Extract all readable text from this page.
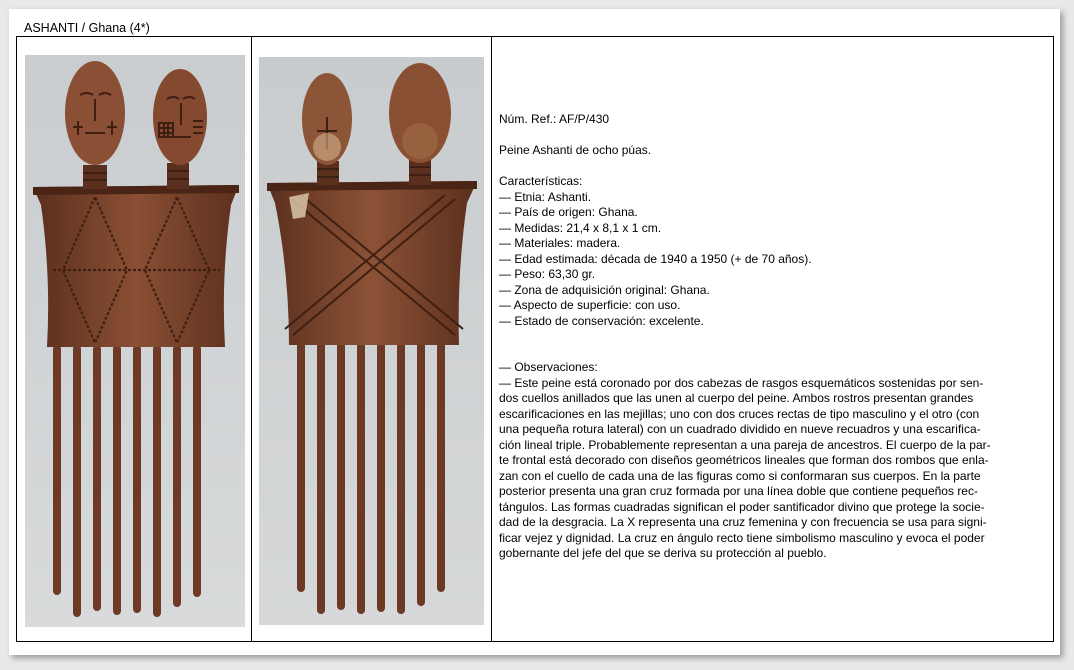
ASHANTI / Ghana (4*)

Núm. Ref.: AF/P/430

Peine Ashanti de ocho púas.

Características:

— Etnia: Ashanti.

— País de origen: Ghana.

— Medidas: 21,4 x 8,1 x 1 cm.

— Materiales: madera.

— Edad estimada: década de 1940 a 1950 (+ de 70 años).

— Peso: 63,30 gr.

— Zona de adquisición original: Ghana.

— Aspecto de superficie: con uso.

— Estado de conservación: excelente.

— Observaciones:

— Este peine está coronado por dos cabezas de rasgos esquemáticos sostenidas por sen-

dos cuellos anillados que las unen al cuerpo del peine. Ambos rostros presentan grandes

escarificaciones en las mejillas; uno con dos cruces rectas de tipo masculino y el otro (con

una pequeña rotura lateral) con un cuadrado dividido en nueve recuadros y una escarifica-

ción lineal triple. Probablemente representan a una pareja de ancestros. El cuerpo de la par-

te frontal está decorado con diseños geométricos lineales que forman dos rombos que enla-

zan con el cuello de cada una de las figuras como si conformaran sus cuerpos. En la parte

posterior presenta una gran cruz formada por una línea doble que contiene pequeños rec-

tángulos. Las formas cuadradas significan el poder santificador divino que protege la socie-

dad de la desgracia. La X representa una cruz femenina y con frecuencia se usa para signi-

ficar vejez y dignidad. La cruz en ángulo recto tiene simbolismo masculino y evoca el poder

gobernante del jefe del que se deriva su protección al pueblo.
